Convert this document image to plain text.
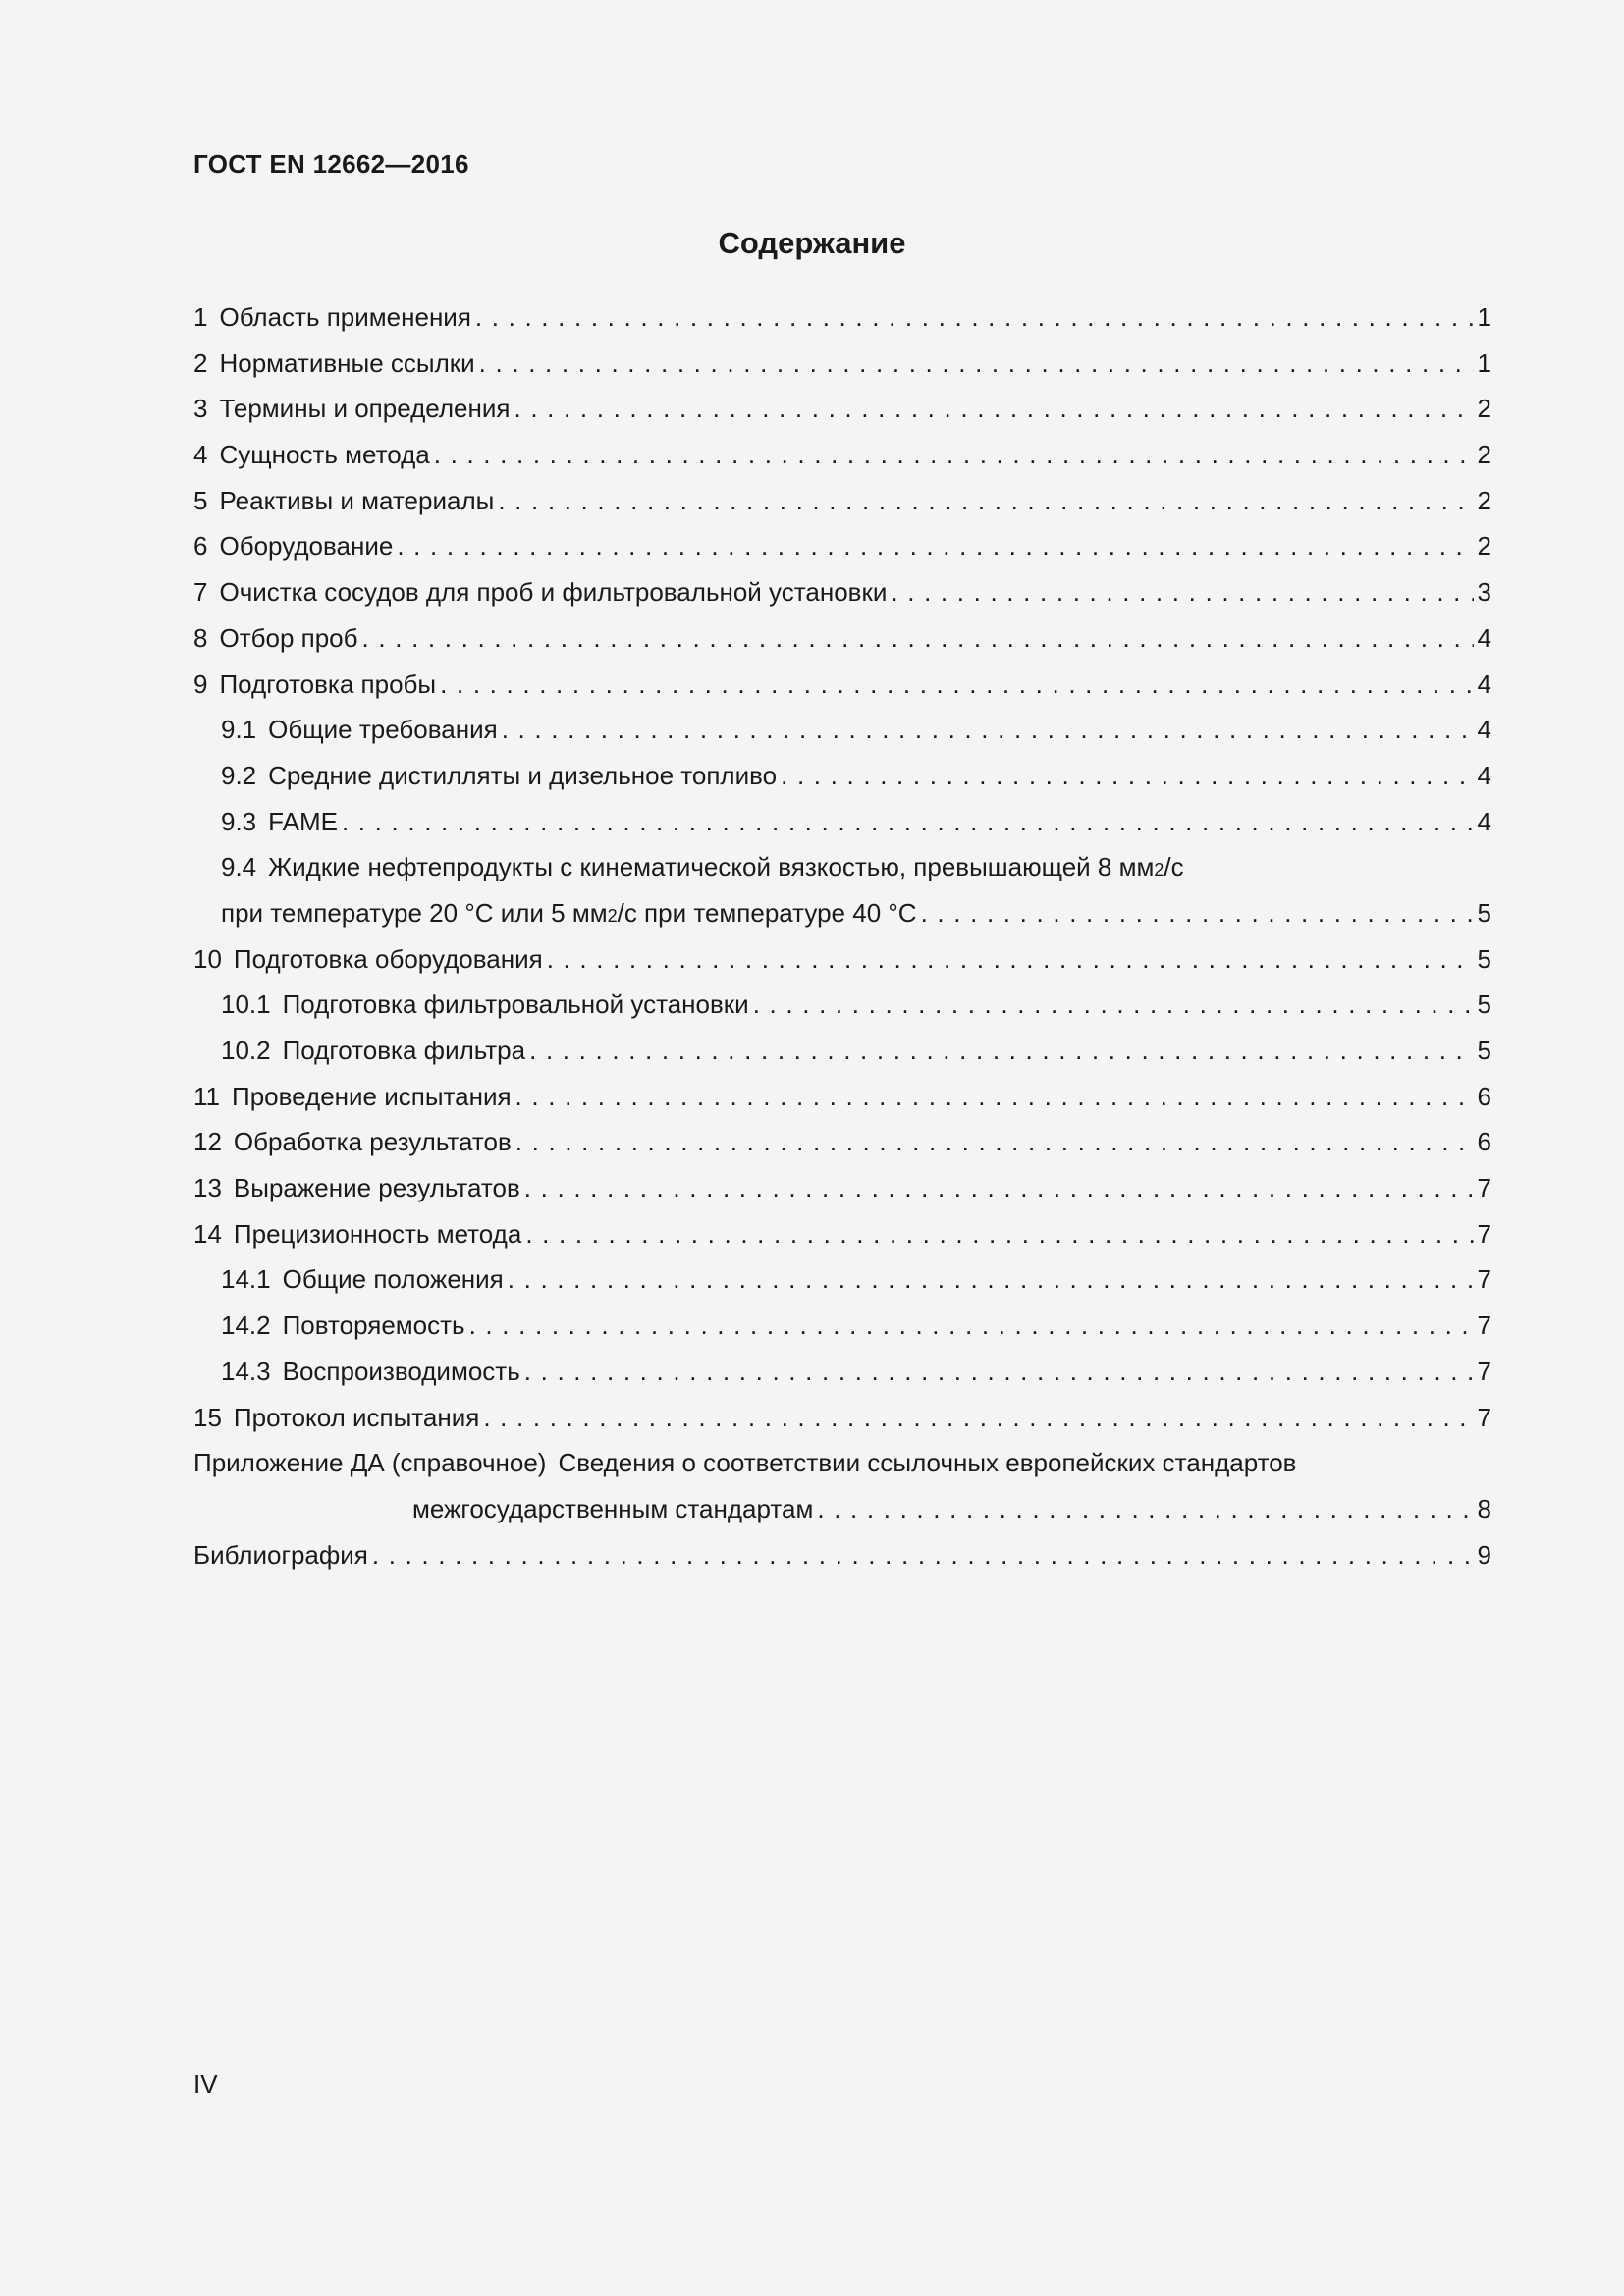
ГОСТ EN 12662—2016
Содержание
1 Область применения . . .	1
2 Нормативные ссылки . . .	1
3 Термины и определения . . .	2
4 Сущность метода . . .	2
5 Реактивы и материалы . . .	2
6 Оборудование . . .	2
7 Очистка сосудов для проб и фильтровальной установки . . .	3
8 Отбор проб . . .	4
9 Подготовка пробы . . .	4
9.1 Общие требования . . .	4
9.2 Средние дистилляты и дизельное топливо . . .	4
9.3 FAME . . .	4
9.4 Жидкие нефтепродукты с кинематической вязкостью, превышающей 8 мм 2 /с
при температуре 20 °C или 5 мм 2 /с при температуре 40 °C . . .	5
10 Подготовка оборудования . . .	5
10.1 Подготовка фильтровальной установки . . .	5
10.2 Подготовка фильтра . . .	5
11 Проведение испытания . . .	6
12 Обработка результатов . . .	6
13 Выражение результатов . . .	7
14 Прецизионность метода . . .	7
14.1 Общие положения . . .	7
14.2 Повторяемость . . .	7
14.3 Воспроизводимость . . .	7
15 Протокол испытания . . .	7
Приложение ДА (справочное) Сведения о соответствии ссылочных европейских стандартов
межгосударственным стандартам . . .	8
Библиография . . .	9
IV
